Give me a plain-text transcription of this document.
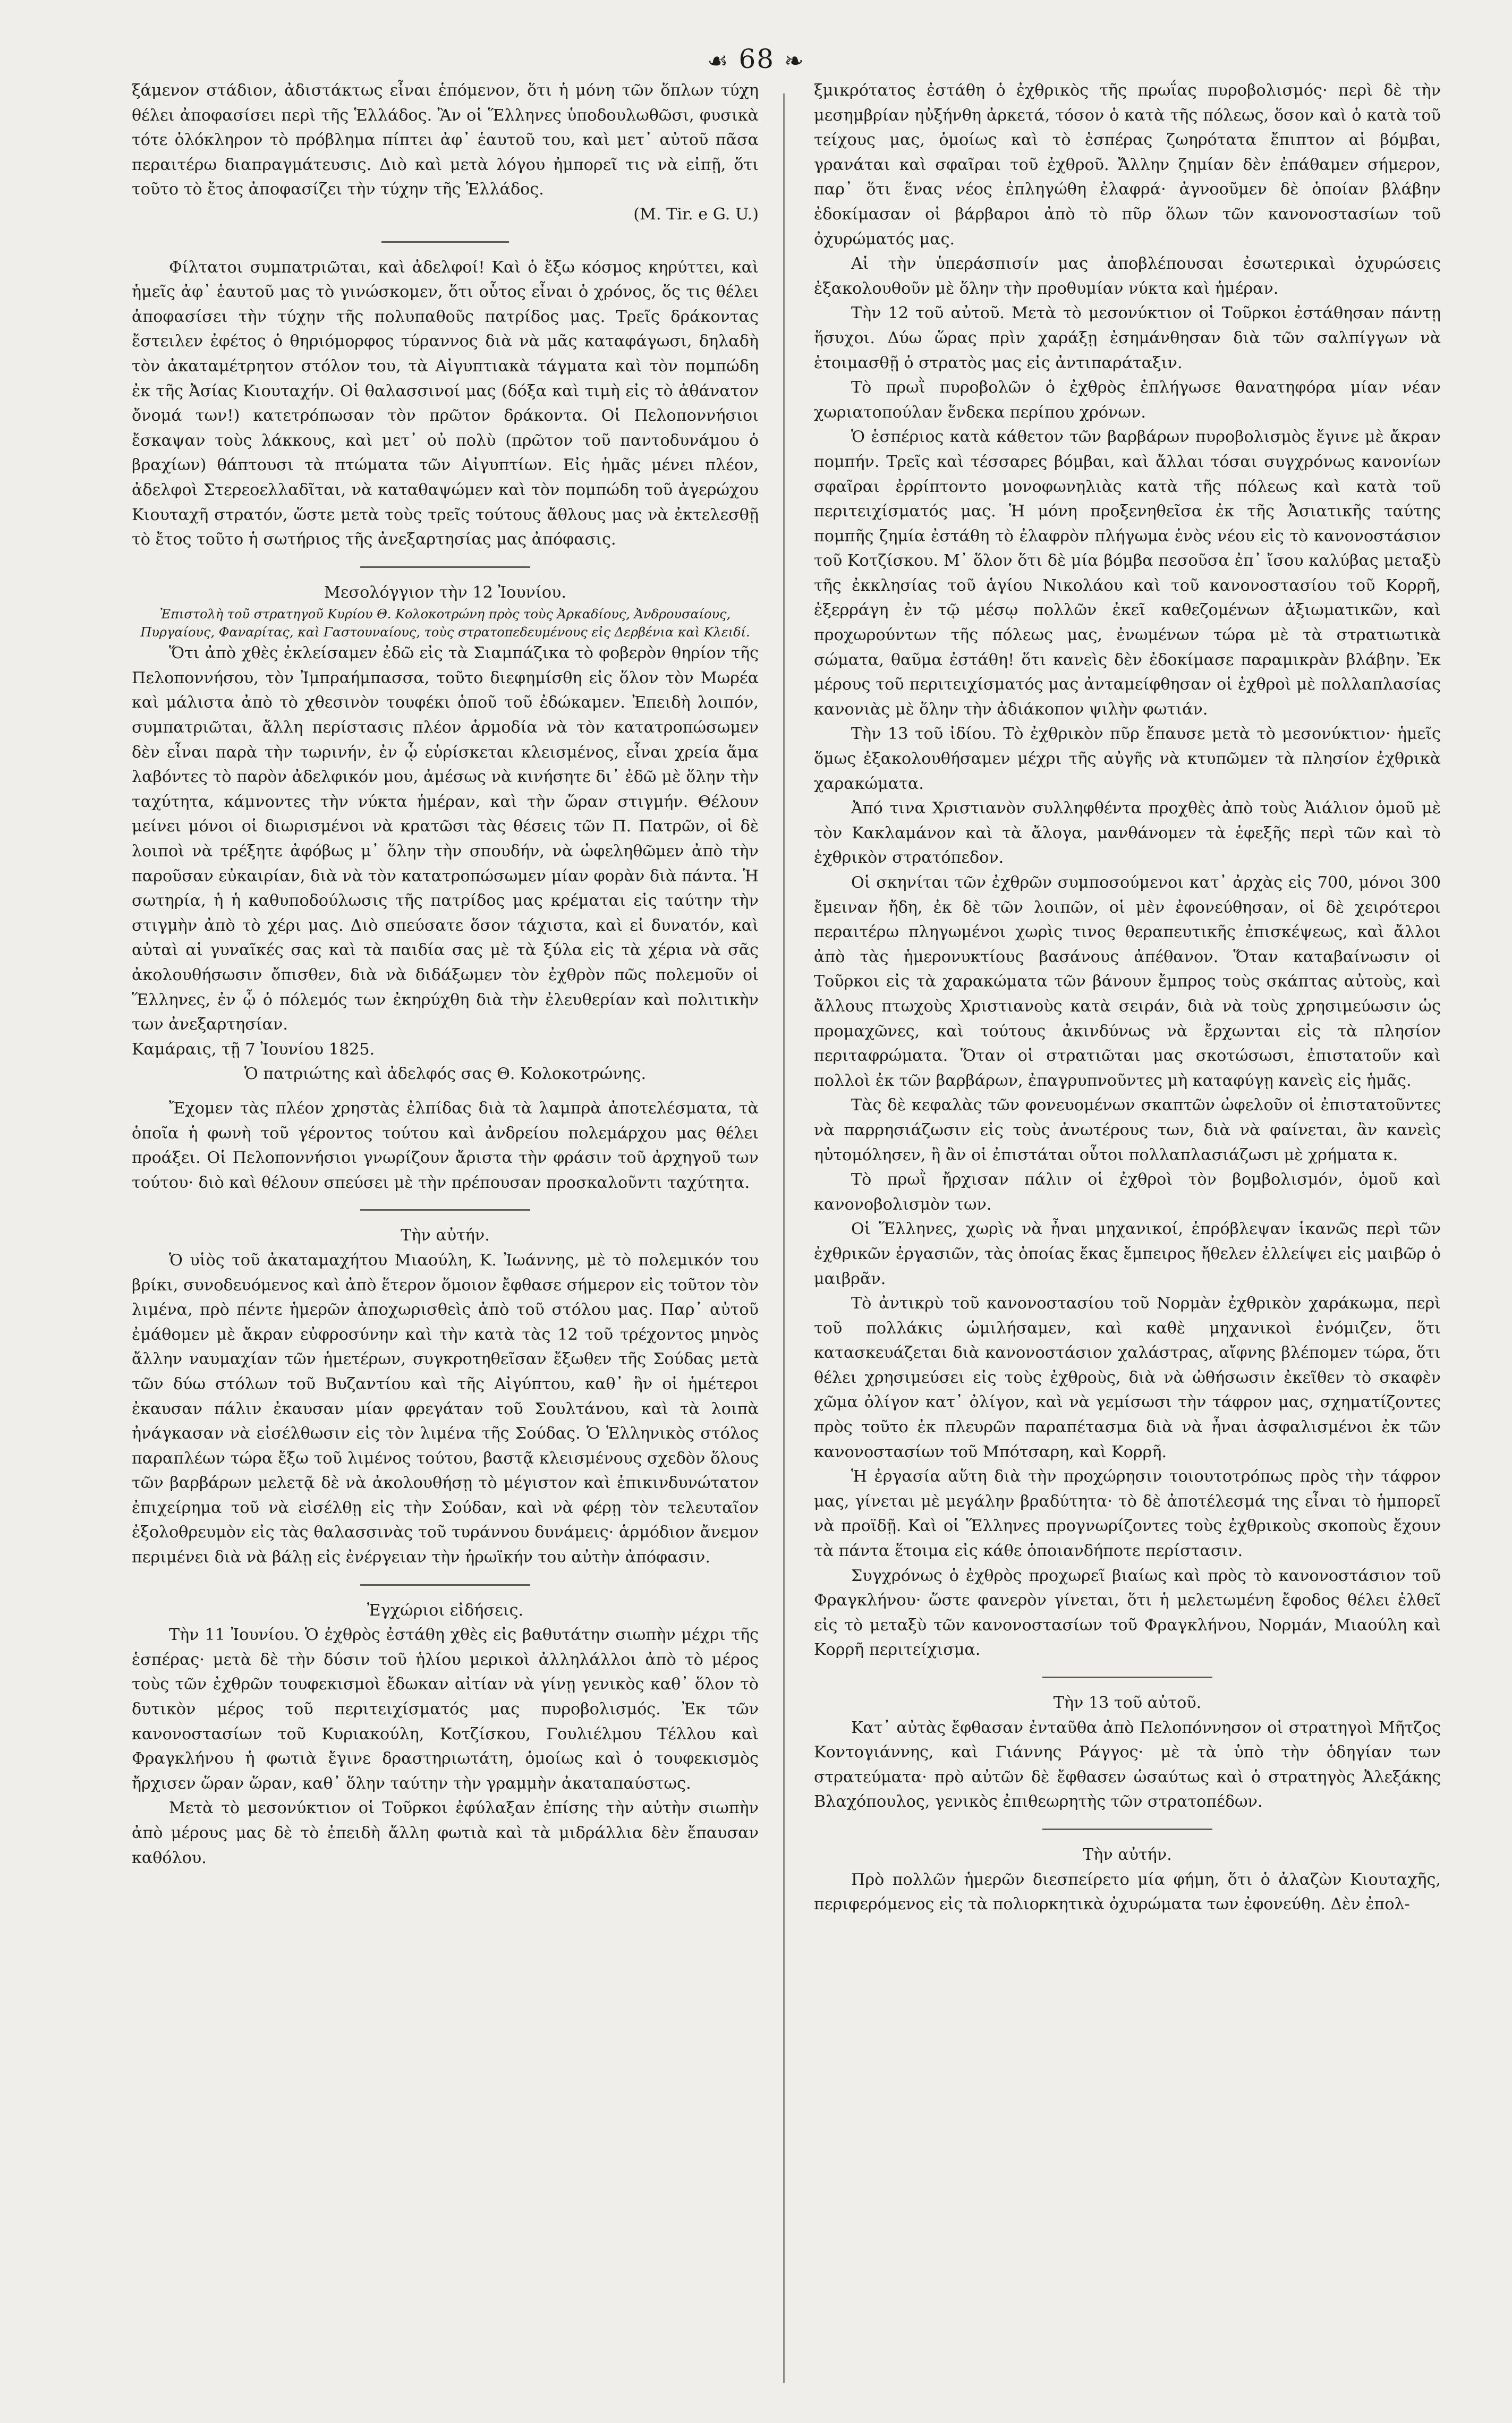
☙ 68 ❧

ξάμενον στάδιον, ἀδιστάκτως εἶναι ἑπόμενον, ὅτι ἡ μόνη τῶν ὅπλων τύχη θέλει ἀποφασίσει περὶ τῆς Ἑλλάδος. Ἂν οἱ Ἕλληνες ὑποδουλωθῶσι, φυσικὰ τότε ὁλόκληρον τὸ πρόβλημα πίπτει ἀφ᾽ ἑαυτοῦ του, καὶ μετ᾽ αὐτοῦ πᾶσα περαιτέρω διαπραγμάτευσις. Διὸ καὶ μετὰ λόγου ἠμπορεῖ τις νὰ εἰπῇ, ὅτι τοῦτο τὸ ἔτος ἀποφασίζει τὴν τύχην τῆς Ἑλλάδος.

(M. Tir. e G. U.)

Φίλτατοι συμπατριῶται, καὶ ἀδελφοί! Καὶ ὁ ἔξω κόσμος κηρύττει, καὶ ἡμεῖς ἀφ᾽ ἑαυτοῦ μας τὸ γινώσκομεν, ὅτι οὗτος εἶναι ὁ χρόνος, ὅς τις θέλει ἀποφασίσει τὴν τύχην τῆς πολυπαθοῦς πατρίδος μας. Τρεῖς δράκοντας ἔστειλεν ἐφέτος ὁ θηριόμορφος τύραννος διὰ νὰ μᾶς καταφάγωσι, δηλαδὴ τὸν ἀκαταμέτρητον στόλον του, τὰ Αἰγυπτιακὰ τάγματα καὶ τὸν πομπώδη ἐκ τῆς Ἀσίας Κιουταχήν. Οἱ θαλασσινοί μας (δόξα καὶ τιμὴ εἰς τὸ ἀθάνατον ὄνομά των!) κατετρόπωσαν τὸν πρῶτον δράκοντα. Οἱ Πελοποννήσιοι ἔσκαψαν τοὺς λάκκους, καὶ μετ᾽ οὐ πολὺ (πρῶτον τοῦ παντοδυνάμου ὁ βραχίων) θάπτουσι τὰ πτώματα τῶν Αἰγυπτίων. Εἰς ἡμᾶς μένει πλέον, ἀδελφοὶ Στερεοελλαδῖται, νὰ καταθαψώμεν καὶ τὸν πομπώδη τοῦ ἀγερώχου Κιουταχῆ στρατόν, ὥστε μετὰ τοὺς τρεῖς τούτους ἄθλους μας νὰ ἐκτελεσθῇ τὸ ἔτος τοῦτο ἡ σωτήριος τῆς ἀνεξαρτησίας μας ἀπόφασις.

Μεσολόγγιον τὴν 12 Ἰουνίου.

Ἐπιστολὴ τοῦ στρατηγοῦ Κυρίου Θ. Κολοκοτρώνη πρὸς τοὺς Ἀρκαδίους, Ἀνδρουσαίους, Πυργαίους, Φαναρίτας, καὶ Γαστουναίους, τοὺς στρατοπεδευμένους εἰς Δερβένια καὶ Κλειδί.

Ὅτι ἀπὸ χθὲς ἐκλείσαμεν ἐδῶ εἰς τὰ Σιαμπάζικα τὸ φοβερὸν θηρίον τῆς Πελοποννήσου, τὸν Ἰμπραήμπασσα, τοῦτο διεφημίσθη εἰς ὅλον τὸν Μωρέα καὶ μάλιστα ἀπὸ τὸ χθεσινὸν τουφέκι ὁποῦ τοῦ ἐδώκαμεν. Ἐπειδὴ λοιπόν, συμπατριῶται, ἄλλη περίστασις πλέον ἁρμοδία νὰ τὸν κατατροπώσωμεν δὲν εἶναι παρὰ τὴν τωρινήν, ἐν ᾧ εὑρίσκεται κλεισμένος, εἶναι χρεία ἅμα λαβόντες τὸ παρὸν ἀδελφικόν μου, ἀμέσως νὰ κινήσητε δι᾽ ἐδῶ μὲ ὅλην τὴν ταχύτητα, κάμνοντες τὴν νύκτα ἡμέραν, καὶ τὴν ὥραν στιγμήν. Θέλουν μείνει μόνοι οἱ διωρισμένοι νὰ κρατῶσι τὰς θέσεις τῶν Π. Πατρῶν, οἱ δὲ λοιποὶ νὰ τρέξητε ἀφόβως μ᾽ ὅλην τὴν σπουδήν, νὰ ὠφεληθῶμεν ἀπὸ τὴν παροῦσαν εὐκαιρίαν, διὰ νὰ τὸν κατατροπώσωμεν μίαν φορὰν διὰ πάντα. Ἡ σωτηρία, ἡ ἡ καθυποδούλωσις τῆς πατρίδος μας κρέμαται εἰς ταύτην τὴν στιγμὴν ἀπὸ τὸ χέρι μας. Διὸ σπεύσατε ὅσον τάχιστα, καὶ εἰ δυνατόν, καὶ αὐταὶ αἱ γυναῖκές σας καὶ τὰ παιδία σας μὲ τὰ ξύλα εἰς τὰ χέρια νὰ σᾶς ἀκολουθήσωσιν ὄπισθεν, διὰ νὰ διδάξωμεν τὸν ἐχθρὸν πῶς πολεμοῦν οἱ Ἕλληνες, ἐν ᾧ ὁ πόλεμός των ἐκηρύχθη διὰ τὴν ἐλευθερίαν καὶ πολιτικὴν των ἀνεξαρτησίαν.

Καμάραις, τῇ 7 Ἰουνίου 1825.

Ὁ πατριώτης καὶ ἀδελφός σας Θ. Κολοκοτρώνης.

Ἔχομεν τὰς πλέον χρηστὰς ἐλπίδας διὰ τὰ λαμπρὰ ἀποτελέσματα, τὰ ὁποῖα ἡ φωνὴ τοῦ γέροντος τούτου καὶ ἀνδρείου πολεμάρχου μας θέλει προάξει. Οἱ Πελοποννήσιοι γνωρίζουν ἄριστα τὴν φράσιν τοῦ ἀρχηγοῦ των τούτου· διὸ καὶ θέλουν σπεύσει μὲ τὴν πρέπουσαν προσκαλοῦντι ταχύτητα.

Τὴν αὐτήν.

Ὁ υἱὸς τοῦ ἀκαταμαχήτου Μιαούλη, Κ. Ἰωάννης, μὲ τὸ πολεμικόν του βρίκι, συνοδευόμενος καὶ ἀπὸ ἕτερον ὅμοιον ἔφθασε σήμερον εἰς τοῦτον τὸν λιμένα, πρὸ πέντε ἡμερῶν ἀποχωρισθεὶς ἀπὸ τοῦ στόλου μας. Παρ᾽ αὐτοῦ ἐμάθομεν μὲ ἄκραν εὐφροσύνην καὶ τὴν κατὰ τὰς 12 τοῦ τρέχοντος μηνὸς ἄλλην ναυμαχίαν τῶν ἡμετέρων, συγκροτηθεῖσαν ἔξωθεν τῆς Σούδας μετὰ τῶν δύω στόλων τοῦ Βυζαντίου καὶ τῆς Αἰγύπτου, καθ᾽ ἣν οἱ ἡμέτεροι ἐκαυσαν πάλιν ἐκαυσαν μίαν φρεγάταν τοῦ Σουλτάνου, καὶ τὰ λοιπὰ ἠνάγκασαν νὰ εἰσέλθωσιν εἰς τὸν λιμένα τῆς Σούδας. Ὁ Ἑλληνικὸς στόλος παραπλέων τώρα ἔξω τοῦ λιμένος τούτου, βαστᾷ κλεισμένους σχεδὸν ὅλους τῶν βαρβάρων μελετᾷ δὲ νὰ ἀκολουθήσῃ τὸ μέγιστον καὶ ἐπικινδυνώτατον ἐπιχείρημα τοῦ νὰ εἰσέλθῃ εἰς τὴν Σούδαν, καὶ νὰ φέρῃ τὸν τελευταῖον ἐξολοθρευμὸν εἰς τὰς θαλασσινὰς τοῦ τυράννου δυνάμεις· ἁρμόδιον ἄνεμον περιμένει διὰ νὰ βάλῃ εἰς ἐνέργειαν τὴν ἡρωϊκήν του αὐτὴν ἀπόφασιν.

Ἐγχώριοι εἰδήσεις.

Τὴν 11 Ἰουνίου. Ὁ ἐχθρὸς ἐστάθη χθὲς εἰς βαθυτάτην σιωπὴν μέχρι τῆς ἑσπέρας· μετὰ δὲ τὴν δύσιν τοῦ ἡλίου μερικοὶ ἀλληλάλλοι ἀπὸ τὸ μέρος τοὺς τῶν ἐχθρῶν τουφεκισμοὶ ἔδωκαν αἰτίαν νὰ γίνῃ γενικὸς καθ᾽ ὅλον τὸ δυτικὸν μέρος τοῦ περιτειχίσματός μας πυροβολισμός. Ἐκ τῶν κανονοστασίων τοῦ Κυριακούλη, Κοτζίσκου, Γουλιέλμου Τέλλου καὶ Φραγκλήνου ἡ φωτιὰ ἔγινε δραστηριωτάτη, ὁμοίως καὶ ὁ τουφεκισμὸς ἤρχισεν ὥραν ὥραν, καθ᾽ ὅλην ταύτην τὴν γραμμὴν ἀκαταπαύστως.

Μετὰ τὸ μεσονύκτιον οἱ Τοῦρκοι ἐφύλαξαν ἐπίσης τὴν αὐτὴν σιωπὴν ἀπὸ μέρους μας δὲ τὸ ἐπειδὴ ἄλλη φωτιὰ καὶ τὰ μιδράλλια δὲν ἔπαυσαν καθόλου.

ξμικρότατος ἐστάθη ὁ ἐχθρικὸς τῆς πρωΐας πυροβολισμός· περὶ δὲ τὴν μεσημβρίαν ηὐξήνθη ἀρκετά, τόσον ὁ κατὰ τῆς πόλεως, ὅσον καὶ ὁ κατὰ τοῦ τείχους μας, ὁμοίως καὶ τὸ ἑσπέρας ζωηρότατα ἔπιπτον αἱ βόμβαι, γρανάται καὶ σφαῖραι τοῦ ἐχθροῦ. Ἄλλην ζημίαν δὲν ἐπάθαμεν σήμερον, παρ᾽ ὅτι ἕνας νέος ἐπληγώθη ἐλαφρά· ἀγνοοῦμεν δὲ ὁποίαν βλάβην ἐδοκίμασαν οἱ βάρβαροι ἀπὸ τὸ πῦρ ὅλων τῶν κανονοστασίων τοῦ ὀχυρώματός μας.

Αἱ τὴν ὑπεράσπισίν μας ἀποβλέπουσαι ἐσωτερικαὶ ὀχυρώσεις ἐξακολουθοῦν μὲ ὅλην τὴν προθυμίαν νύκτα καὶ ἡμέραν.

Τὴν 12 τοῦ αὐτοῦ. Μετὰ τὸ μεσονύκτιον οἱ Τοῦρκοι ἐστάθησαν πάντῃ ἥσυχοι. Δύω ὥρας πρὶν χαράξῃ ἐσημάνθησαν διὰ τῶν σαλπίγγων νὰ ἑτοιμασθῇ ὁ στρατὸς μας εἰς ἀντιπαράταξιν.

Τὸ πρωῒ πυροβολῶν ὁ ἐχθρὸς ἐπλήγωσε θανατηφόρα μίαν νέαν χωριατοπούλαν ἕνδεκα περίπου χρόνων.

Ὁ ἑσπέριος κατὰ κάθετον τῶν βαρβάρων πυροβολισμὸς ἔγινε μὲ ἄκραν πομπήν. Τρεῖς καὶ τέσσαρες βόμβαι, καὶ ἄλλαι τόσαι συγχρόνως κανονίων σφαῖραι ἐρρίπτοντο μονοφωνηλιὰς κατὰ τῆς πόλεως καὶ κατὰ τοῦ περιτειχίσματός μας. Ἡ μόνη προξενηθεῖσα ἐκ τῆς Ἀσιατικῆς ταύτης πομπῆς ζημία ἐστάθη τὸ ἐλαφρὸν πλήγωμα ἑνὸς νέου εἰς τὸ κανονοστάσιον τοῦ Κοτζίσκου. Μ᾽ ὅλον ὅτι δὲ μία βόμβα πεσοῦσα ἐπ᾽ ἴσου καλύβας μεταξὺ τῆς ἐκκλησίας τοῦ ἁγίου Νικολάου καὶ τοῦ κανονοστασίου τοῦ Κορρῆ, ἐξερράγη ἐν τῷ μέσῳ πολλῶν ἐκεῖ καθεζομένων ἀξιωματικῶν, καὶ προχωρούντων τῆς πόλεως μας, ἐνωμένων τώρα μὲ τὰ στρατιωτικὰ σώματα, θαῦμα ἐστάθη! ὅτι κανεὶς δὲν ἐδοκίμασε παραμικρὰν βλάβην. Ἐκ μέρους τοῦ περιτειχίσματός μας ἀνταμείφθησαν οἱ ἐχθροὶ μὲ πολλαπλασίας κανονιὰς μὲ ὅλην τὴν ἀδιάκοπον ψιλὴν φωτιάν.

Τὴν 13 τοῦ ἰδίου. Τὸ ἐχθρικὸν πῦρ ἔπαυσε μετὰ τὸ μεσονύκτιον· ἡμεῖς ὅμως ἐξακολουθήσαμεν μέχρι τῆς αὐγῆς νὰ κτυπῶμεν τὰ πλησίον ἐχθρικὰ χαρακώματα.

Ἀπό τινα Χριστιανὸν συλληφθέντα προχθὲς ἀπὸ τοὺς Ἀιάλιον ὁμοῦ μὲ τὸν Κακλαμάνον καὶ τὰ ἄλογα, μανθάνομεν τὰ ἑφεξῆς περὶ τῶν καὶ τὸ ἐχθρικὸν στρατόπεδον.

Οἱ σκηνίται τῶν ἐχθρῶν συμποσούμενοι κατ᾽ ἀρχὰς εἰς 700, μόνοι 300 ἔμειναν ἤδη, ἐκ δὲ τῶν λοιπῶν, οἱ μὲν ἐφονεύθησαν, οἱ δὲ χειρότεροι περαιτέρω πληγωμένοι χωρὶς τινος θεραπευτικῆς ἐπισκέψεως, καὶ ἄλλοι ἀπὸ τὰς ἡμερονυκτίους βασάνους ἀπέθανον. Ὅταν καταβαίνωσιν οἱ Τοῦρκοι εἰς τὰ χαρακώματα τῶν βάνουν ἔμπρος τοὺς σκάπτας αὐτοὺς, καὶ ἄλλους πτωχοὺς Χριστιανοὺς κατὰ σειράν, διὰ νὰ τοὺς χρησιμεύωσιν ὡς προμαχῶνες, καὶ τούτους ἀκινδύνως νὰ ἔρχωνται εἰς τὰ πλησίον περιταφρώματα. Ὅταν οἱ στρατιῶται μας σκοτώσωσι, ἐπιστατοῦν καὶ πολλοὶ ἐκ τῶν βαρβάρων, ἐπαγρυπνοῦντες μὴ καταφύγῃ κανεὶς εἰς ἡμᾶς.

Τὰς δὲ κεφαλὰς τῶν φονευομένων σκαπτῶν ὠφελοῦν οἱ ἐπιστατοῦντες νὰ παρρησιάζωσιν εἰς τοὺς ἀνωτέρους των, διὰ νὰ φαίνεται, ἂν κανεὶς ηὐτομόλησεν, ἢ ἂν οἱ ἐπιστάται οὗτοι πολλαπλασιάζωσι μὲ χρήματα κ.

Τὸ πρωῒ ἤρχισαν πάλιν οἱ ἐχθροὶ τὸν βομβολισμόν, ὁμοῦ καὶ κανονοβολισμὸν των.

Οἱ Ἕλληνες, χωρὶς νὰ ἦναι μηχανικοί, ἐπρόβλεψαν ἱκανῶς περὶ τῶν ἐχθρικῶν ἐργασιῶν, τὰς ὁποίας ἔκας ἔμπειρος ἤθελεν ἐλλείψει εἰς μαιβῶρ ὁ μαιβρᾶν.

Τὸ ἀντικρὺ τοῦ κανονοστασίου τοῦ Νορμὰν ἐχθρικὸν χαράκωμα, περὶ τοῦ πολλάκις ὡμιλήσαμεν, καὶ καθὲ μηχανικοὶ ἐνόμιζεν, ὅτι κατασκευάζεται διὰ κανονοστάσιον χαλάστρας, αἴφνης βλέπομεν τώρα, ὅτι θέλει χρησιμεύσει εἰς τοὺς ἐχθροὺς, διὰ νὰ ὠθήσωσιν ἐκεῖθεν τὸ σκαφὲν χῶμα ὀλίγον κατ᾽ ὀλίγον, καὶ νὰ γεμίσωσι τὴν τάφρον μας, σχηματίζοντες πρὸς τοῦτο ἐκ πλευρῶν παραπέτασμα διὰ νὰ ἦναι ἀσφαλισμένοι ἐκ τῶν κανονοστασίων τοῦ Μπότσαρη, καὶ Κορρῆ.

Ἡ ἐργασία αὕτη διὰ τὴν προχώρησιν τοιουτοτρόπως πρὸς τὴν τάφρον μας, γίνεται μὲ μεγάλην βραδύτητα· τὸ δὲ ἀποτέλεσμά της εἶναι τὸ ἡμπορεῖ νὰ προϊδῇ. Καὶ οἱ Ἕλληνες προγνωρίζοντες τοὺς ἐχθρικοὺς σκοποὺς ἔχουν τὰ πάντα ἕτοιμα εἰς κάθε ὁποιανδήποτε περίστασιν.

Συγχρόνως ὁ ἐχθρὸς προχωρεῖ βιαίως καὶ πρὸς τὸ κανονοστάσιον τοῦ Φραγκλήνου· ὥστε φανερὸν γίνεται, ὅτι ἡ μελετωμένη ἔφοδος θέλει ἐλθεῖ εἰς τὸ μεταξὺ τῶν κανονοστασίων τοῦ Φραγκλήνου, Νορμάν, Μιαούλη καὶ Κορρῆ περιτείχισμα.

Τὴν 13 τοῦ αὐτοῦ.

Κατ᾽ αὐτὰς ἔφθασαν ἐνταῦθα ἀπὸ Πελοπόννησον οἱ στρατηγοὶ Μῆτζος Κοντογιάννης, καὶ Γιάννης Ράγγος· μὲ τὰ ὑπὸ τὴν ὁδηγίαν των στρατεύματα· πρὸ αὐτῶν δὲ ἔφθασεν ὡσαύτως καὶ ὁ στρατηγὸς Ἀλεξάκης Βλαχόπουλος, γενικὸς ἐπιθεωρητὴς τῶν στρατοπέδων.

Τὴν αὐτήν.

Πρὸ πολλῶν ἡμερῶν διεσπείρετο μία φήμη, ὅτι ὁ ἀλαζὼν Κιουταχῆς, περιφερόμενος εἰς τὰ πολιορκητικὰ ὀχυρώματα των ἐφονεύθη. Δὲν ἐπολ-
